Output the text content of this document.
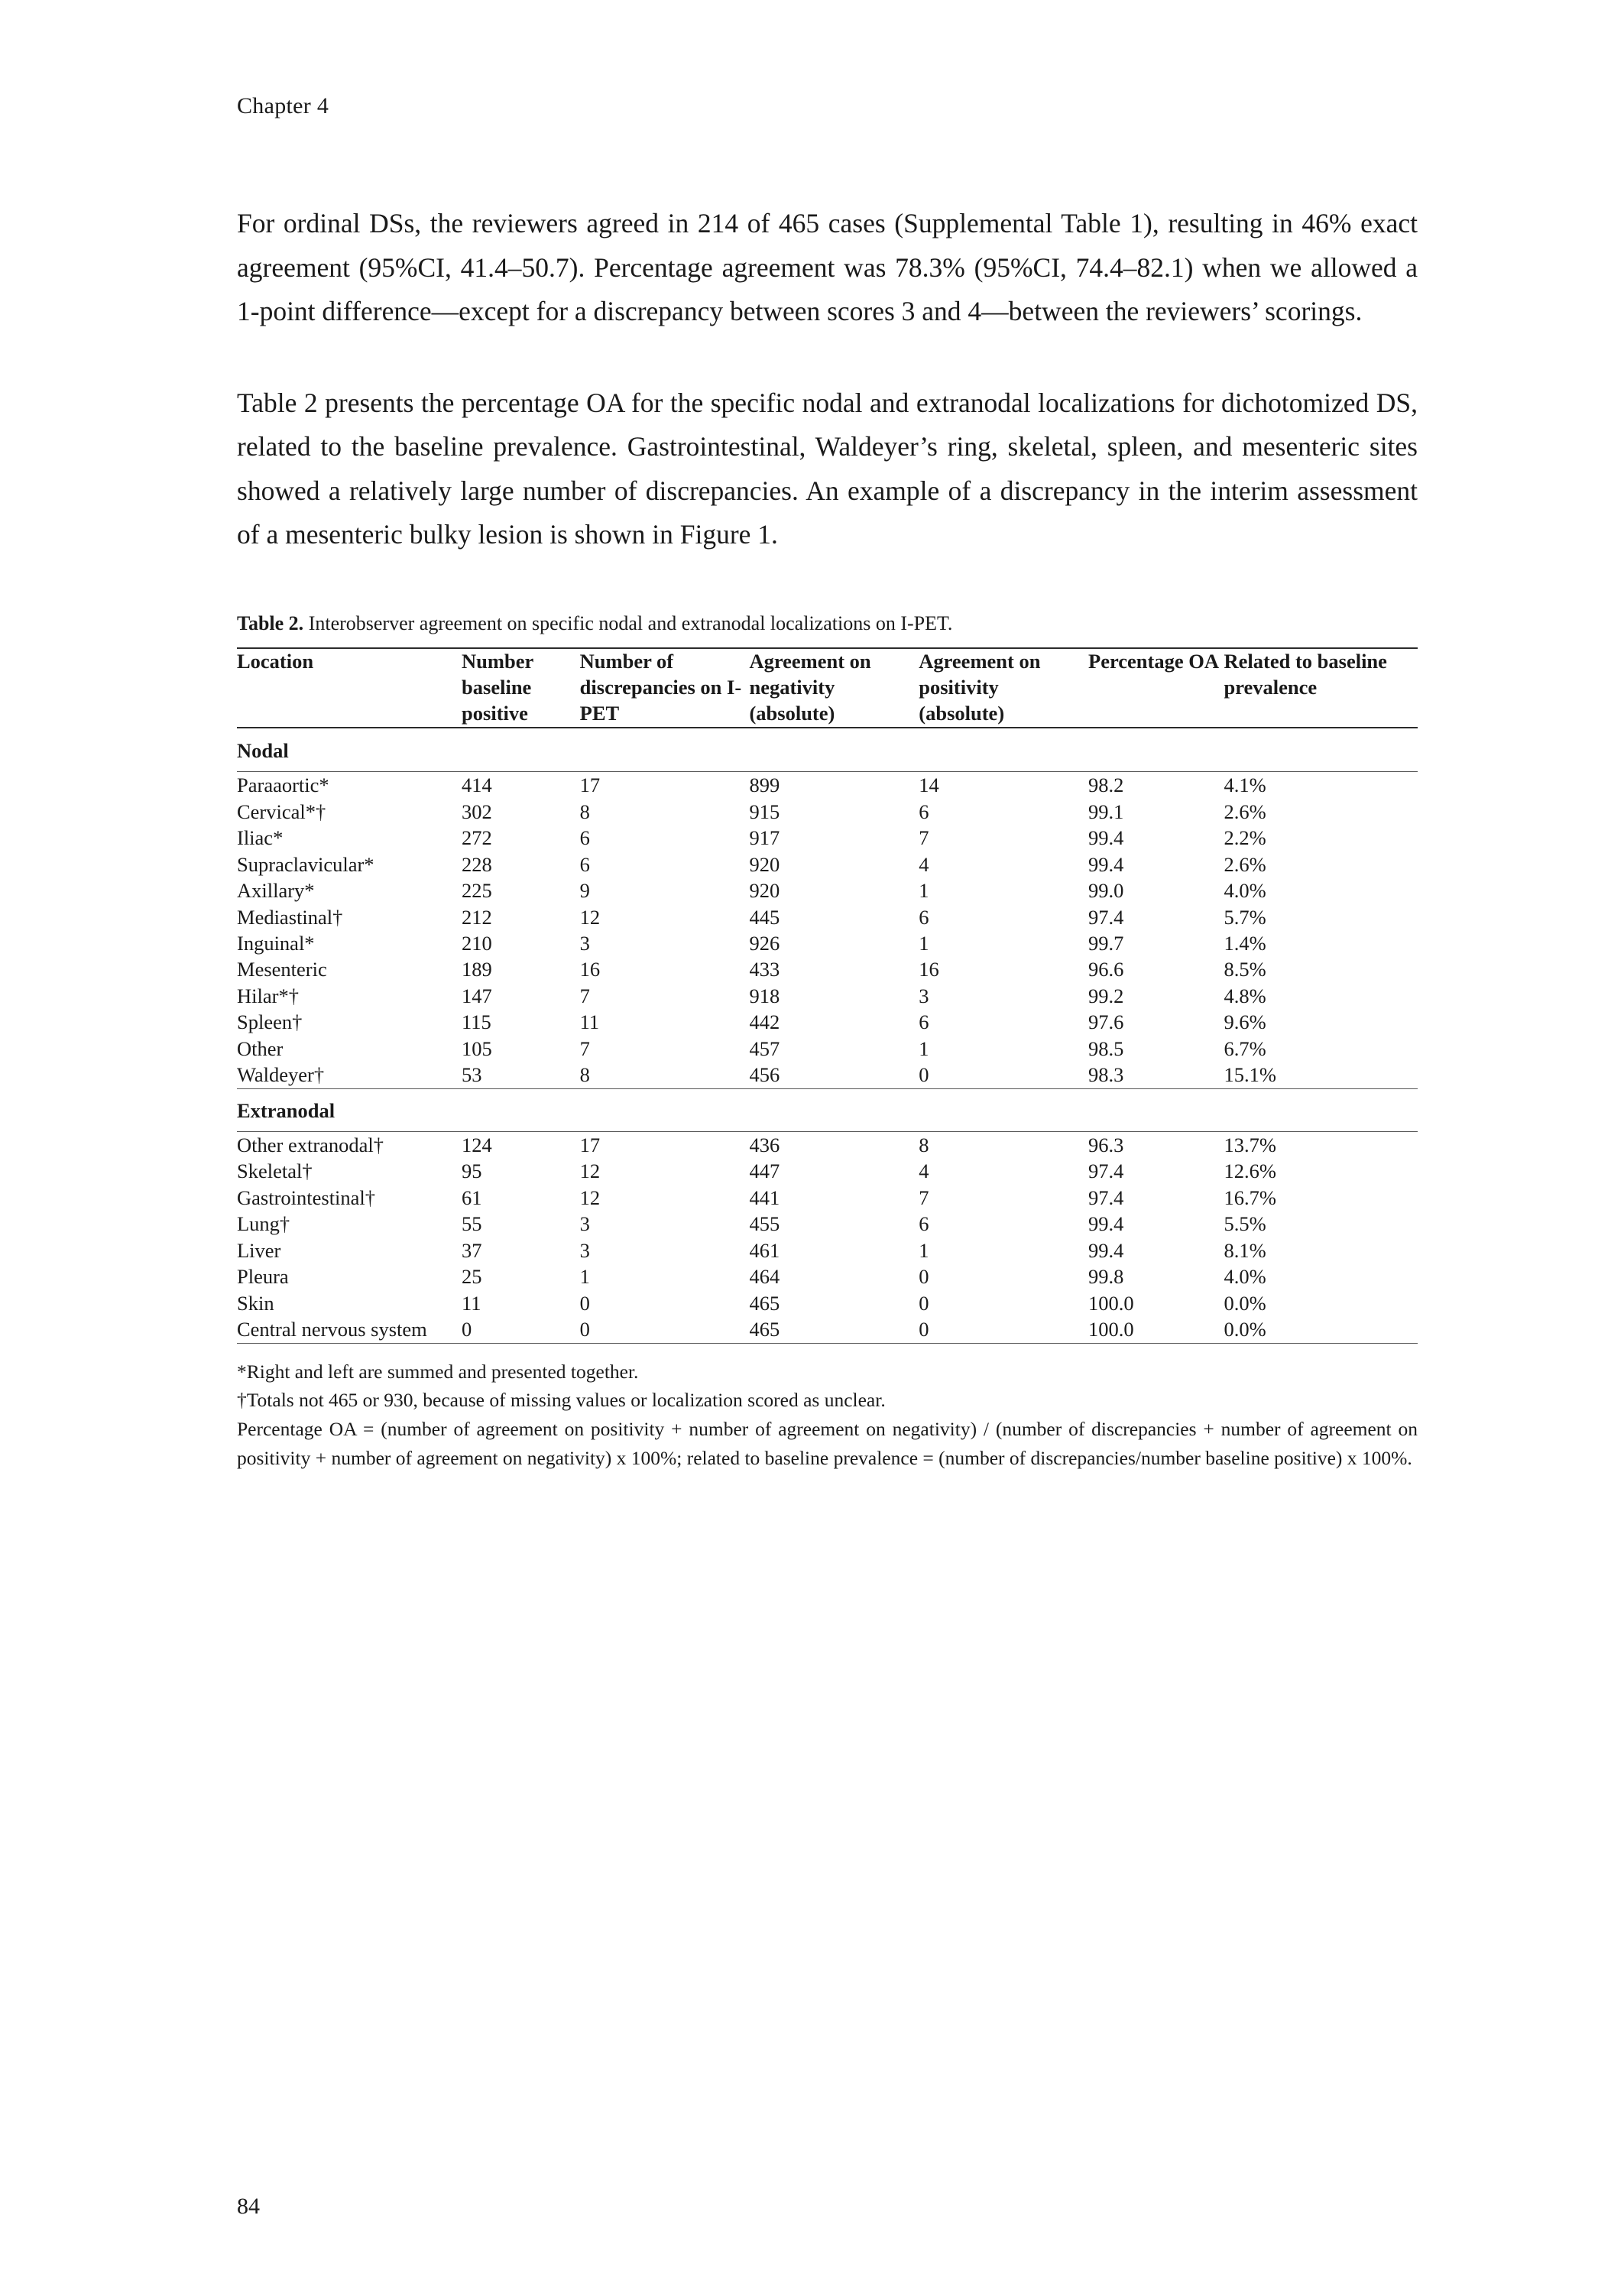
Chapter 4

For ordinal DSs, the reviewers agreed in 214 of 465 cases (Supplemental Table 1), resulting in 46% exact agreement (95%CI, 41.4–50.7). Percentage agreement was 78.3% (95%CI, 74.4–82.1) when we allowed a 1-point difference—except for a discrepancy between scores 3 and 4—between the reviewers’ scorings.

Table 2 presents the percentage OA for the specific nodal and extranodal localizations for dichotomized DS, related to the baseline prevalence. Gastrointestinal, Waldeyer’s ring, skeletal, spleen, and mesenteric sites showed a relatively large number of discrepancies. An example of a discrepancy in the interim assessment of a mesenteric bulky lesion is shown in Figure 1.

Table 2. Interobserver agreement on specific nodal and extranodal localizations on I-PET.
Location	Number baseline positive	Number of discrepancies on I-PET	Agreement on negativity (absolute)	Agreement on positivity (absolute)	Percentage OA	Related to baseline prevalence
Nodal						
Paraaortic*	414	17	899	14	98.2	4.1%
Cervical*†	302	8	915	6	99.1	2.6%
Iliac*	272	6	917	7	99.4	2.2%
Supraclavicular*	228	6	920	4	99.4	2.6%
Axillary*	225	9	920	1	99.0	4.0%
Mediastinal†	212	12	445	6	97.4	5.7%
Inguinal*	210	3	926	1	99.7	1.4%
Mesenteric	189	16	433	16	96.6	8.5%
Hilar*†	147	7	918	3	99.2	4.8%
Spleen†	115	11	442	6	97.6	9.6%
Other	105	7	457	1	98.5	6.7%
Waldeyer†	53	8	456	0	98.3	15.1%
Extranodal						
Other extranodal†	124	17	436	8	96.3	13.7%
Skeletal†	95	12	447	4	97.4	12.6%
Gastrointestinal†	61	12	441	7	97.4	16.7%
Lung†	55	3	455	6	99.4	5.5%
Liver	37	3	461	1	99.4	8.1%
Pleura	25	1	464	0	99.8	4.0%
Skin	11	0	465	0	100.0	0.0%
Central nervous system	0	0	465	0	100.0	0.0%
*Right and left are summed and presented together.
†Totals not 465 or 930, because of missing values or localization scored as unclear.
Percentage OA = (number of agreement on positivity + number of agreement on negativity) / (number of discrepancies + number of agreement on positivity + number of agreement on negativity) x 100%; related to baseline prevalence = (number of discrepancies/number baseline positive) x 100%.
84
